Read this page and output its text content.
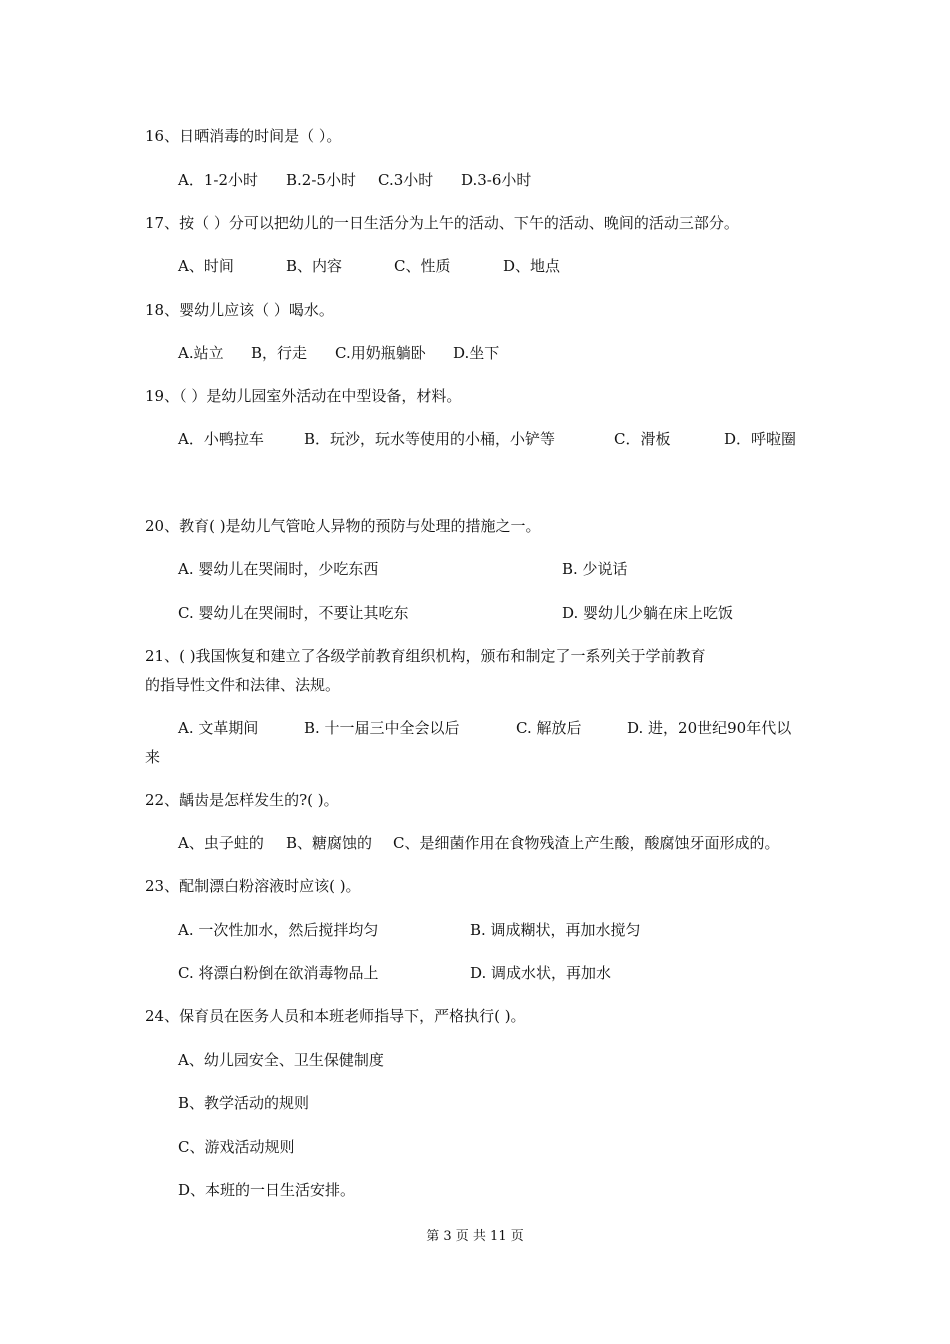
16、日晒消毒的时间是（ ）。
A．1-2小时 B.2-5小时 C.3小时 D.3-6小时
17、按（ ）分可以把幼儿的一日生活分为上午的活动、下午的活动、晚间的活动三部分。
A、时间	B、内容	C、性质	D、地点
18、婴幼儿应该（ ）喝水。
A.站立 B，行走 C.用奶瓶躺卧 D.坐下
19、（ ）是幼儿园室外活动在中型设备，材料。
A．小鸭拉车	B．玩沙，玩水等使用的小桶，小铲等	C．滑板	D．呼啦圈
20、教育( )是幼儿气管呛人异物的预防与处理的措施之一。
A. 婴幼儿在哭闹时，少吃东西	B. 少说话
C. 婴幼儿在哭闹时，不要让其吃东	D. 婴幼儿少躺在床上吃饭
21、( )我国恢复和建立了各级学前教育组织机构，颁布和制定了一系列关于学前教育
的指导性文件和法律、法规。
A. 文革期间	B. 十一届三中全会以后	C. 解放后	D. 进，20世纪90年代以
来
22、龋齿是怎样发生的?( )。
A、虫子蛀的 B、糖腐蚀的 C、是细菌作用在食物残渣上产生酸，酸腐蚀牙面形成的。
23、配制漂白粉溶液时应该( )。
A. 一次性加水，然后搅拌均匀	B. 调成糊状，再加水搅匀
C. 将漂白粉倒在欲消毒物品上	D. 调成水状，再加水
24、保育员在医务人员和本班老师指导下，严格执行( )。
A、幼儿园安全、卫生保健制度
B、教学活动的规则
C、游戏活动规则
D、本班的一日生活安排。
第 3 页 共 11 页
